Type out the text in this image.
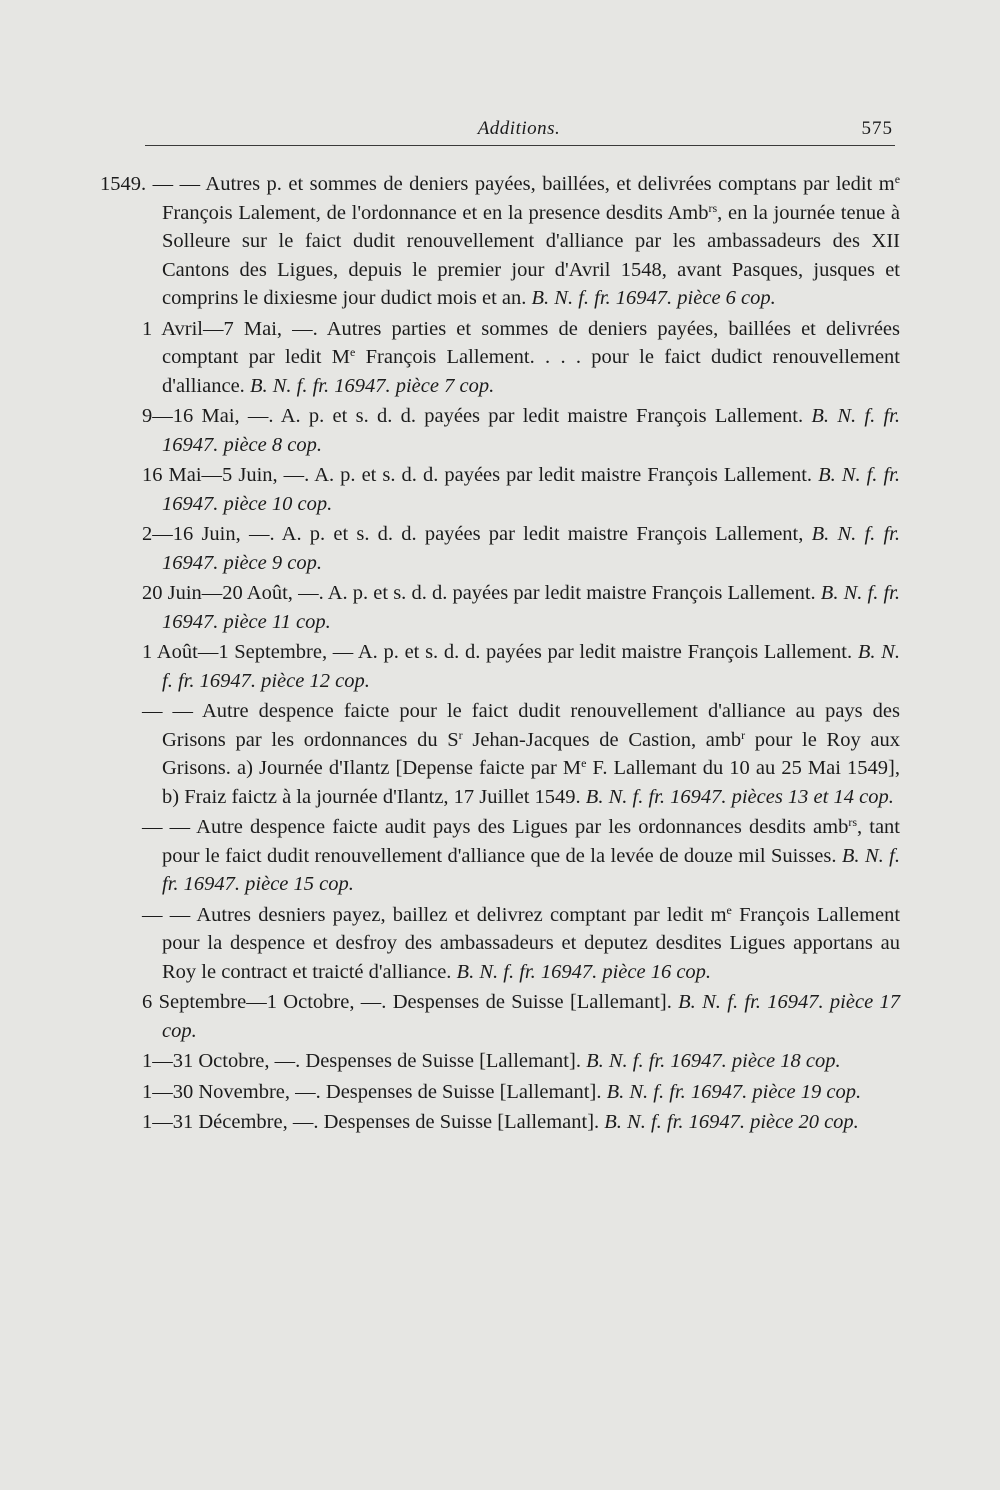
Additions.	575

1549. — — Autres p. et sommes de deniers payées, baillées, et delivrées comptans par ledit $m^e$ François Lalement, de l'ordonnance et en la presence desdits Amb$^{rs}$, en la journée tenue à Solleure sur le faict dudit renouvellement d'alliance par les ambassadeurs des XII Cantons des Ligues, depuis le premier jour d'Avril 1548, avant Pasques, jusques et comprins le dixiesme jour dudict mois et an. B. N. f. fr. 16947. pièce 6 cop.

1 Avril—7 Mai, —. Autres parties et sommes de deniers payées, baillées et delivrées comptant par ledit Me François Lallement. . . . pour le faict dudict renouvellement d'alliance. B. N. f. fr. 16947. pièce 7 cop.

9—16 Mai, —. A. p. et s. d. d. payées par ledit maistre François Lallement. B. N. f. fr. 16947. pièce 8 cop.

16 Mai—5 Juin, —. A. p. et s. d. d. payées par ledit maistre François Lallement. B. N. f. fr. 16947. pièce 10 cop.

2—16 Juin, —. A. p. et s. d. d. payées par ledit maistre François Lallement, B. N. f. fr. 16947. pièce 9 cop.

20 Juin—20 Août, —. A. p. et s. d. d. payées par ledit maistre François Lallement. B. N. f. fr. 16947. pièce 11 cop.

1 Août—1 Septembre, — A. p. et s. d. d. payées par ledit maistre François Lallement. B. N. f. fr. 16947. pièce 12 cop.

— — Autre despence faicte pour le faict dudit renouvellement d'alliance au pays des Grisons par les ordonnances du $S^r$ Jehan-Jacques de Castion, amb$^r$ pour le Roy aux Grisons. a) Journée d'Ilantz [Depense faicte par Me F. Lallemant du 10 au 25 Mai 1549], b) Fraiz faictz à la journée d'Ilantz, 17 Juillet 1549. B. N. f. fr. 16947. pièces 13 et 14 cop.

— — Autre despence faicte audit pays des Ligues par les ordonnances desdits amb$^{rs}$, tant pour le faict dudit renouvellement d'alliance que de la levée de douze mil Suisses. B. N. f. fr. 16947. pièce 15 cop.

— — Autres desniers payez, baillez et delivrez comptant par ledit $m^e$ François Lallement pour la despence et desfroy des ambassadeurs et deputez desdites Ligues apportans au Roy le contract et traicté d'alliance. B. N. f. fr. 16947. pièce 16 cop.

6 Septembre—1 Octobre, —. Despenses de Suisse [Lallemant]. B. N. f. fr. 16947. pièce 17 cop.

1—31 Octobre, —. Despenses de Suisse [Lallemant]. B. N. f. fr. 16947. pièce 18 cop.

1—30 Novembre, —. Despenses de Suisse [Lallemant]. B. N. f. fr. 16947. pièce 19 cop.

1—31 Décembre, —. Despenses de Suisse [Lallemant]. B. N. f. fr. 16947. pièce 20 cop.
